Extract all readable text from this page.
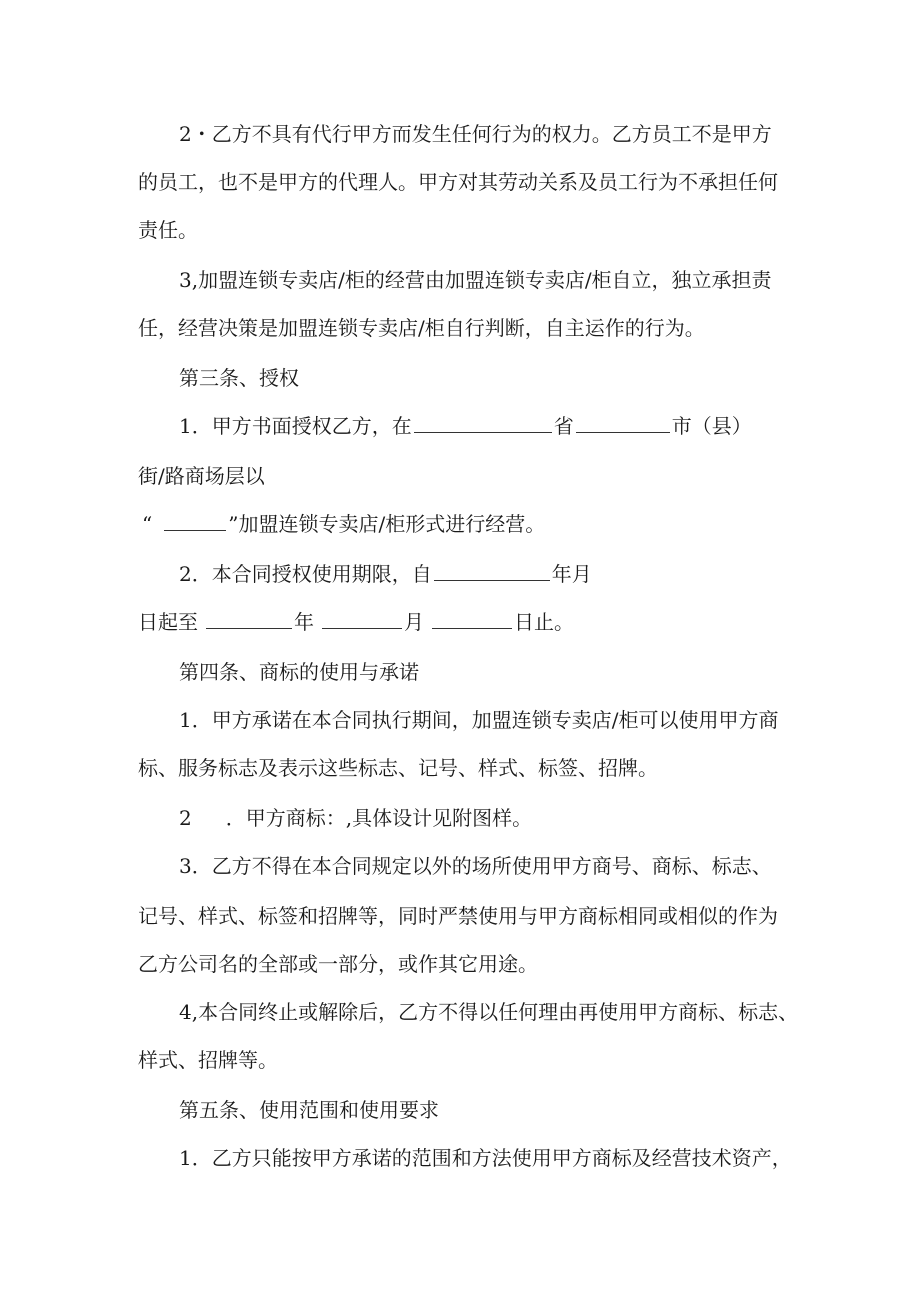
2・乙方不具有代行甲方而发生任何行为的权力。乙方员工不是甲方
的员工，也不是甲方的代理人。甲方对其劳动关系及员工行为不承担任何
责任。
3,加盟连锁专卖店/柜的经营由加盟连锁专卖店/柜自立，独立承担责
任，经营决策是加盟连锁专卖店/柜自行判断，自主运作的行为。
第三条、授权
1．甲方书面授权乙方，在	省	市（县）
街/路商场层以
“	”加盟连锁专卖店/柜形式进行经营。
2．本合同授权使用期限，自	年月
日起至	年	月	日止。
第四条、商标的使用与承诺
1．甲方承诺在本合同执行期间，加盟连锁专卖店/柜可以使用甲方商
标、服务标志及表示这些标志、记号、样式、标签、招牌。
2 ．甲方商标：,具体设计见附图样。
3．乙方不得在本合同规定以外的场所使用甲方商号、商标、标志、
记号、样式、标签和招牌等，同时严禁使用与甲方商标相同或相似的作为
乙方公司名的全部或一部分，或作其它用途。
4,本合同终止或解除后，乙方不得以任何理由再使用甲方商标、标志、
样式、招牌等。
第五条、使用范围和使用要求
1．乙方只能按甲方承诺的范围和方法使用甲方商标及经营技术资产，
